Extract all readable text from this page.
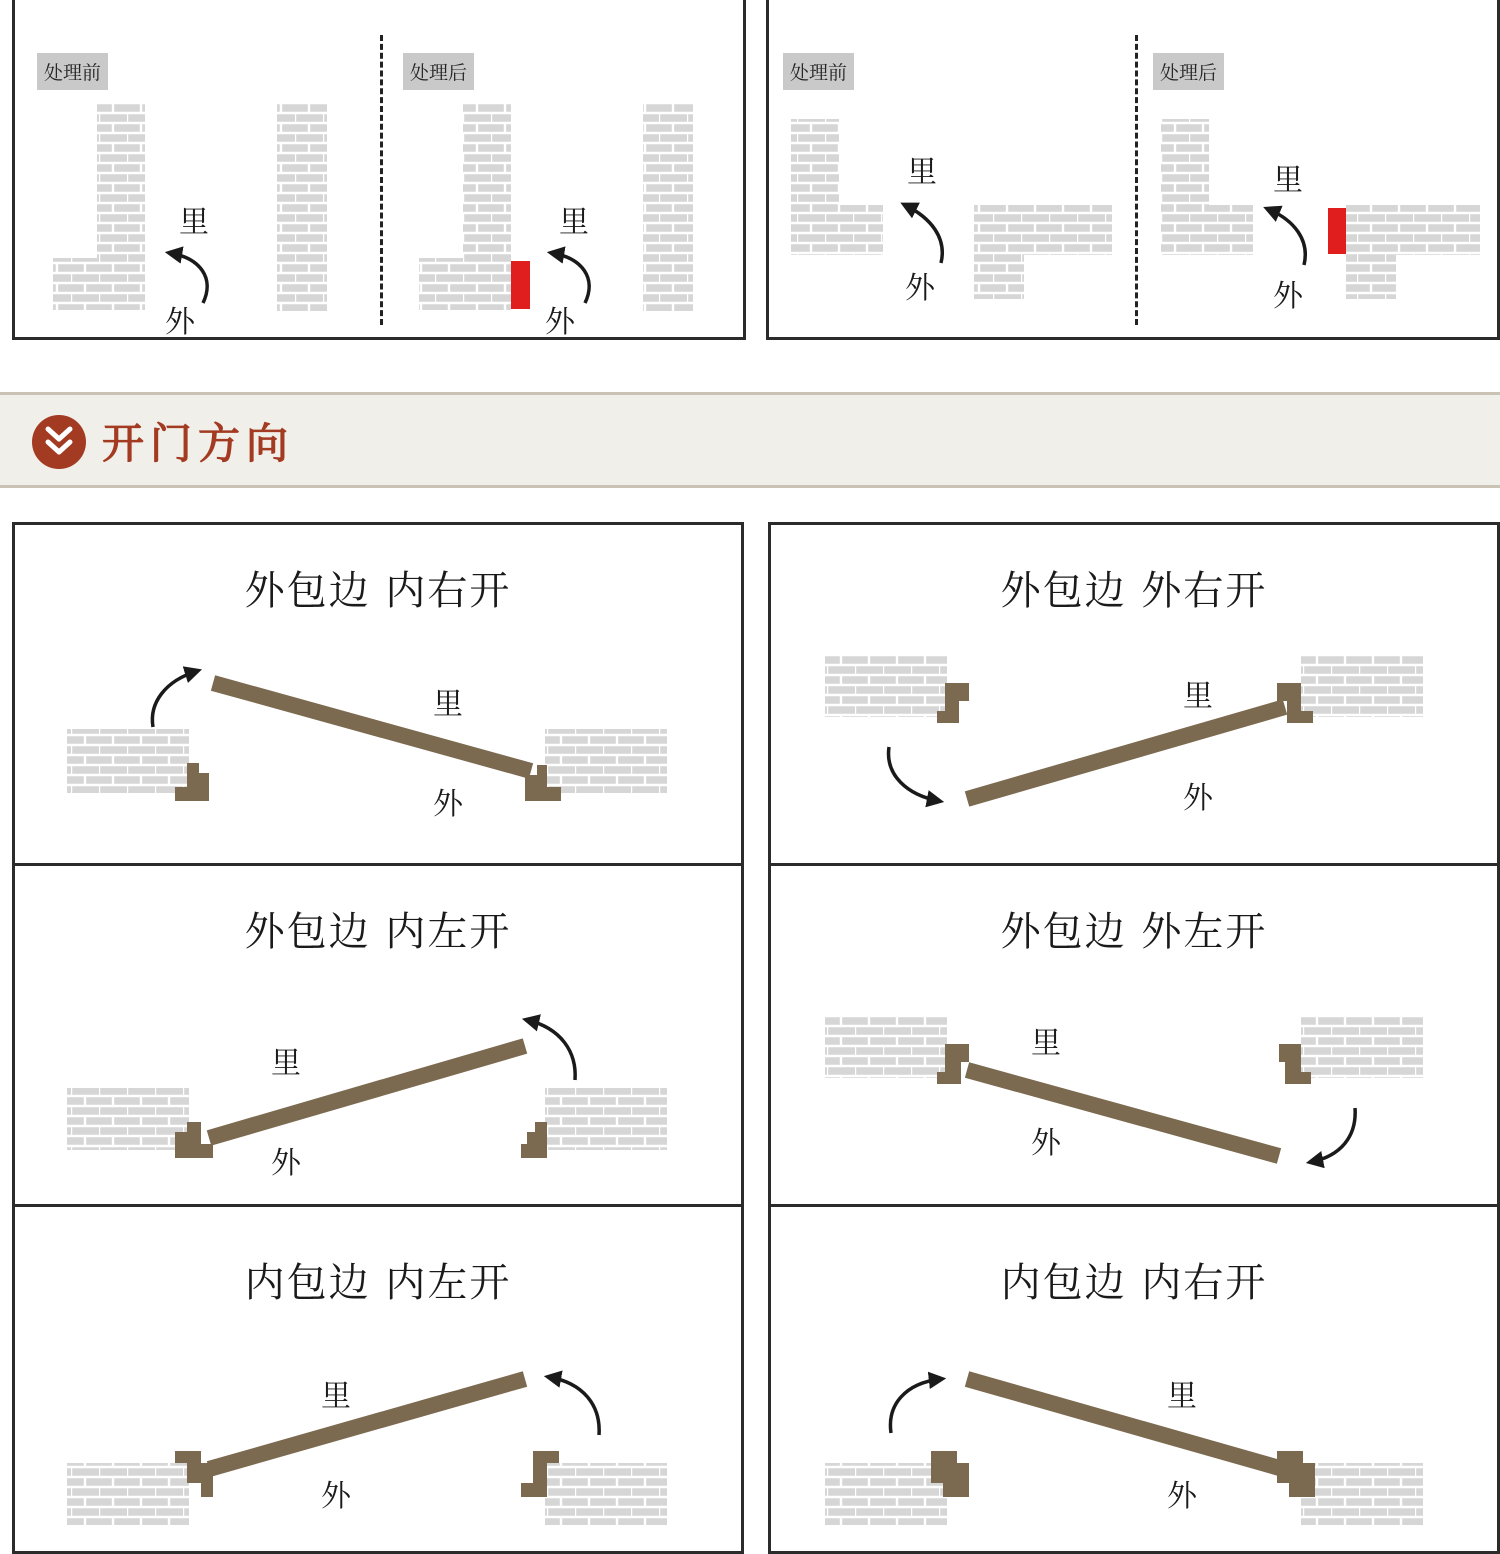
处理前	处理后
里
外
里
外
处理前	处理后
里
外
里
外
开门方向
外包边 内右开
里
外
外包边 外右开
里
外
外包边 内左开
里
外
外包边 外左开
里
外
内包边 内左开
里
外
内包边 内右开
里
外
